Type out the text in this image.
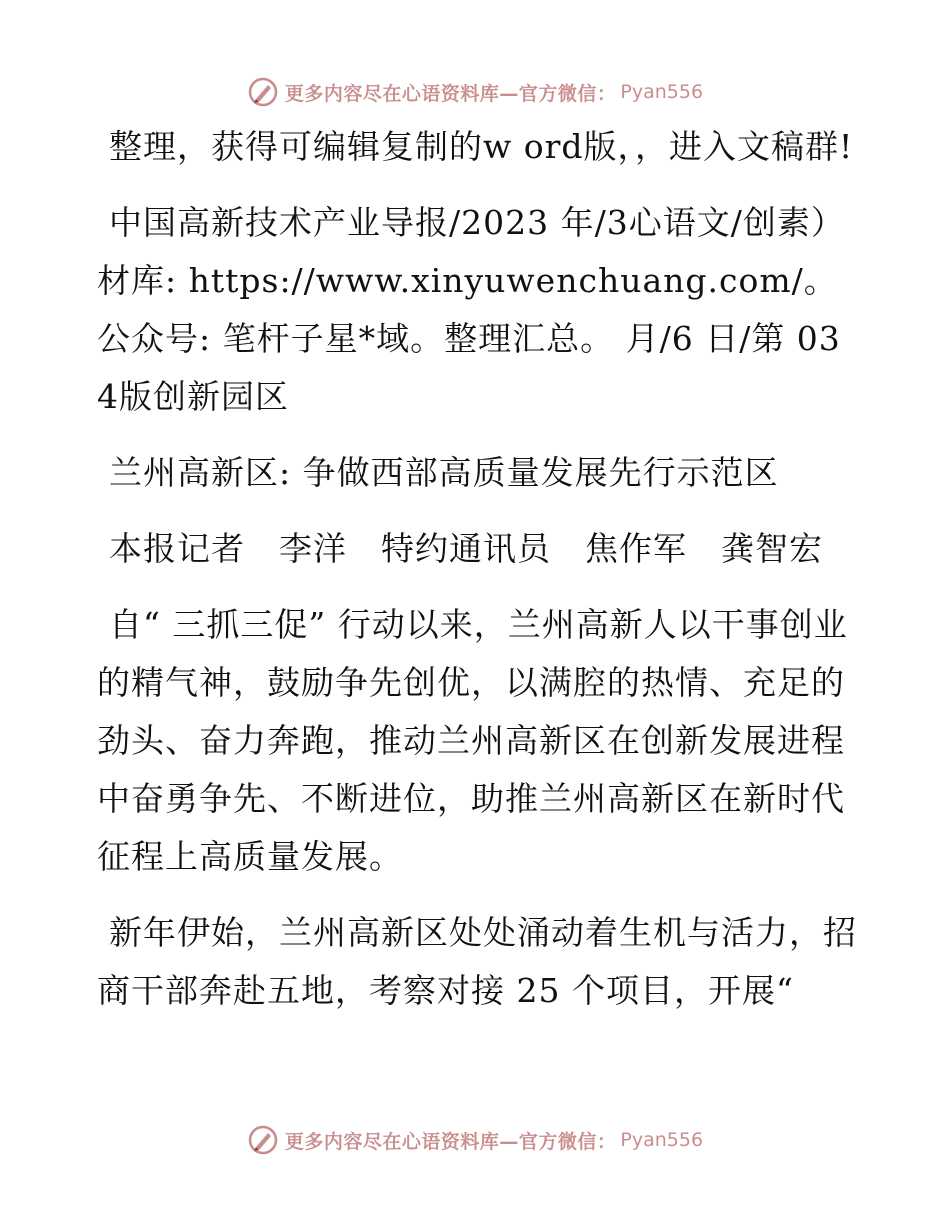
更多内容尽在心语资料库—官方微信： Pyan556

整理，获得可编辑复制的w ord版，，进入文稿群!

中国高新技术产业导报/2023 年/3心语文/创素）材库: https://www.xinyuwenchuang.com/。公众号: 笔杆子星*域。整理汇总。 月/6 日/第 034版创新园区

兰州高新区: 争做西部高质量发展先行示范区

本报记者　李洋　特约通讯员　焦作军　龚智宏

自“ 三抓三促” 行动以来，兰州高新人以干事创业的精气神，鼓励争先创优，以满腔的热情、充足的劲头、奋力奔跑，推动兰州高新区在创新发展进程中奋勇争先、不断进位，助推兰州高新区在新时代征程上高质量发展。

新年伊始，兰州高新区处处涌动着生机与活力，招商干部奔赴五地，考察对接 25 个项目，开展“

更多内容尽在心语资料库—官方微信： Pyan556
